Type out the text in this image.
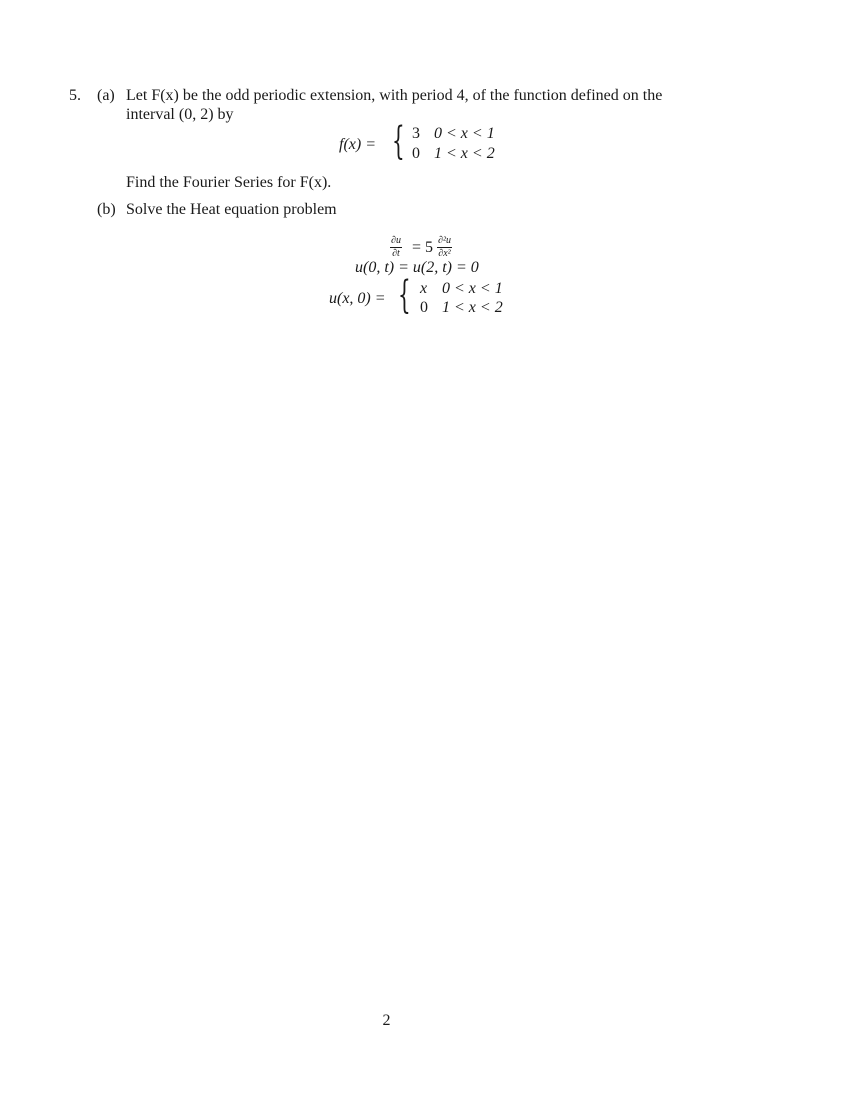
5. (a) Let F(x) be the odd periodic extension, with period 4, of the function defined on the
interval (0, 2) by
f(x) = { 3 0 < x < 1
0 1 < x < 2
Find the Fourier Series for F(x).
(b) Solve the Heat equation problem
∂u
∂t = 5 ∂²u
∂x²
u(0, t) = u(2, t) = 0
u(x, 0) = { x 0 < x < 1
0 1 < x < 2
2
